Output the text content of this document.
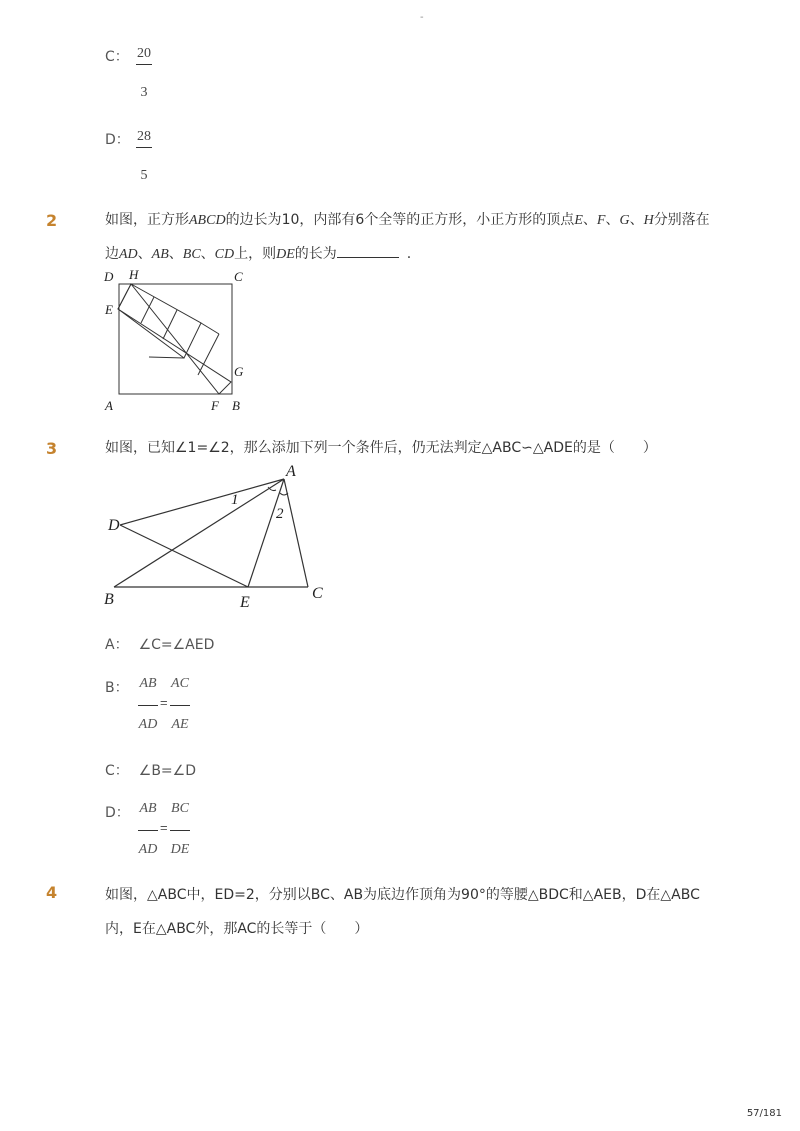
-
C： 20
3
D： 28
5
2	如图，正方形ABCD的边长为10，内部有6个全等的正方形，小正方形的顶点E、F、G、H分别落在
边AD、AB、BC、CD上，则DE的长为	.
D H	C
E
G
A	F B
3	如图，已知∠1=∠2，那么添加下列一个条件后，仍无法判定△ABC∽△ADE的是（　　）
A
D
B	E
C
1
2
A： ∠C=∠AED
B： AB
AD
=
AC
AE
C： ∠B=∠D
D： AB
AD
=
BC
DE
4	如图，△ABC中，ED=2，分别以BC、AB为底边作顶角为90°的等腰△BDC和△AEB，D在△ABC
内，E在△ABC外，那AC的长等于（　　）
57/181
